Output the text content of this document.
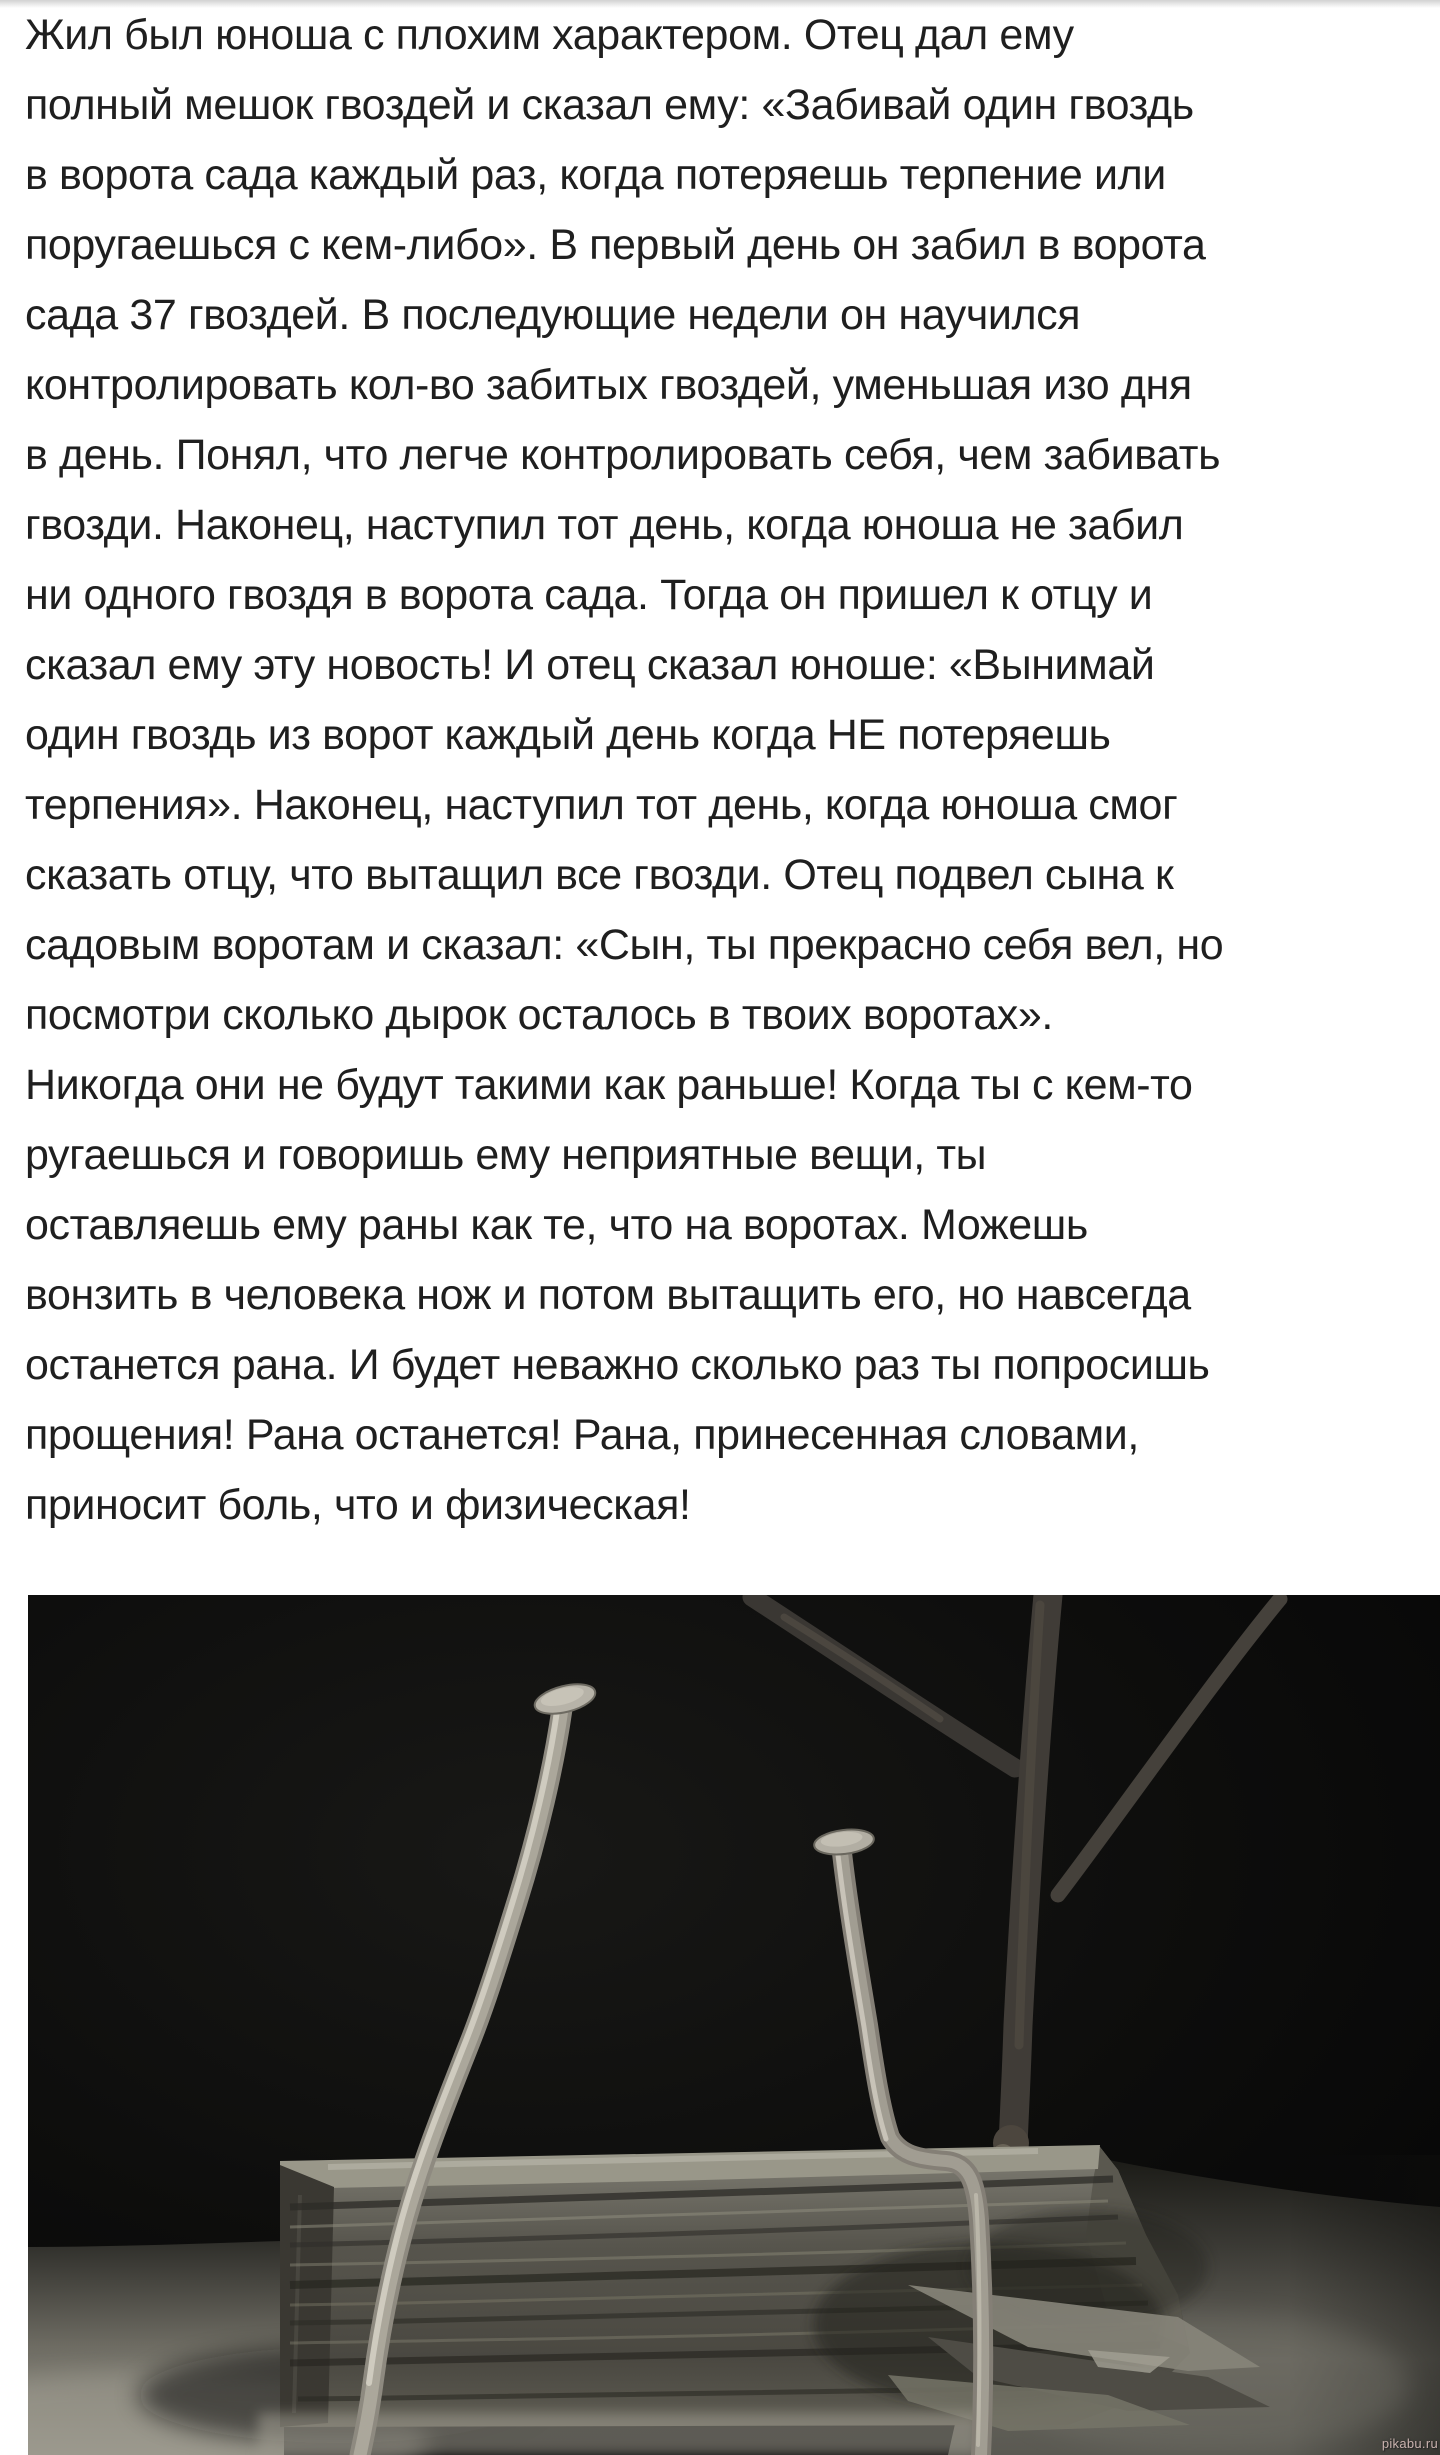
Жил был юноша с плохим характером. Отец дал ему
полный мешок гвоздей и сказал ему: «Забивай один гвоздь
в ворота сада каждый раз, когда потеряешь терпение или
поругаешься с кем-либо». В первый день он забил в ворота
сада 37 гвоздей. В последующие недели он научился
контролировать кол-во забитых гвоздей, уменьшая изо дня
в день. Понял, что легче контролировать себя, чем забивать
гвозди. Наконец, наступил тот день, когда юноша не забил
ни одного гвоздя в ворота сада. Тогда он пришел к отцу и
сказал ему эту новость! И отец сказал юноше: «Вынимай
один гвоздь из ворот каждый день когда НЕ потеряешь
терпения». Наконец, наступил тот день, когда юноша смог
сказать отцу, что вытащил все гвозди. Отец подвел сына к
садовым воротам и сказал: «Сын, ты прекрасно себя вел, но
посмотри сколько дырок осталось в твоих воротах».
Никогда они не будут такими как раньше! Когда ты с кем-то
ругаешься и говоришь ему неприятные вещи, ты
оставляешь ему раны как те, что на воротах. Можешь
вонзить в человека нож и потом вытащить его, но навсегда
останется рана. И будет неважно сколько раз ты попросишь
прощения! Рана останется! Рана, принесенная словами,
приносит боль, что и физическая!
pikabu.ru
